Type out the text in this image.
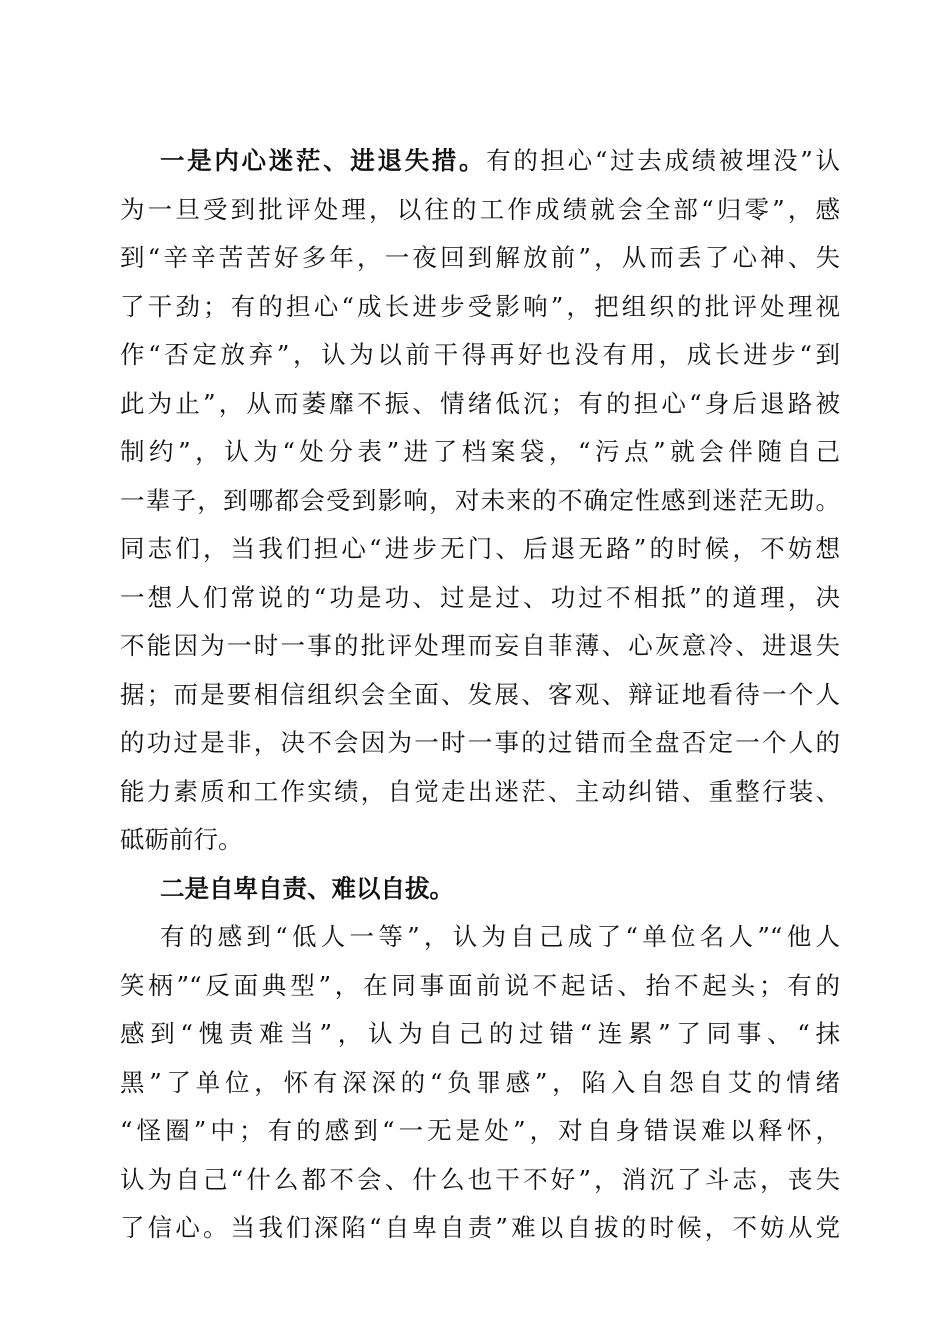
一是内心迷茫、进退失措。有的担心“过去成绩被埋没”认
为一旦受到批评处理，以往的工作成绩就会全部“归零”，感
到“辛辛苦苦好多年，一夜回到解放前”，从而丢了心神、失
了干劲；有的担心“成长进步受影响”，把组织的批评处理视
作“否定放弃”，认为以前干得再好也没有用，成长进步“到
此为止”，从而萎靡不振、情绪低沉；有的担心“身后退路被
制约”，认为“处分表”进了档案袋，“污点”就会伴随自己
一辈子，到哪都会受到影响，对未来的不确定性感到迷茫无助。
同志们，当我们担心“进步无门、后退无路”的时候，不妨想
一想人们常说的“功是功、过是过、功过不相抵”的道理，决
不能因为一时一事的批评处理而妄自菲薄、心灰意冷、进退失
据；而是要相信组织会全面、发展、客观、辩证地看待一个人
的功过是非，决不会因为一时一事的过错而全盘否定一个人的
能力素质和工作实绩，自觉走出迷茫、主动纠错、重整行装、
砥砺前行。
二是自卑自责、难以自拔。
有的感到“低人一等”，认为自己成了“单位名人”“他人
笑柄”“反面典型”，在同事面前说不起话、抬不起头；有的
感到“愧责难当”，认为自己的过错“连累”了同事、“抹
黑”了单位，怀有深深的“负罪感”，陷入自怨自艾的情绪
“怪圈”中；有的感到“一无是处”，对自身错误难以释怀，
认为自己“什么都不会、什么也干不好”，消沉了斗志，丧失
了信心。当我们深陷“自卑自责”难以自拔的时候，不妨从党
